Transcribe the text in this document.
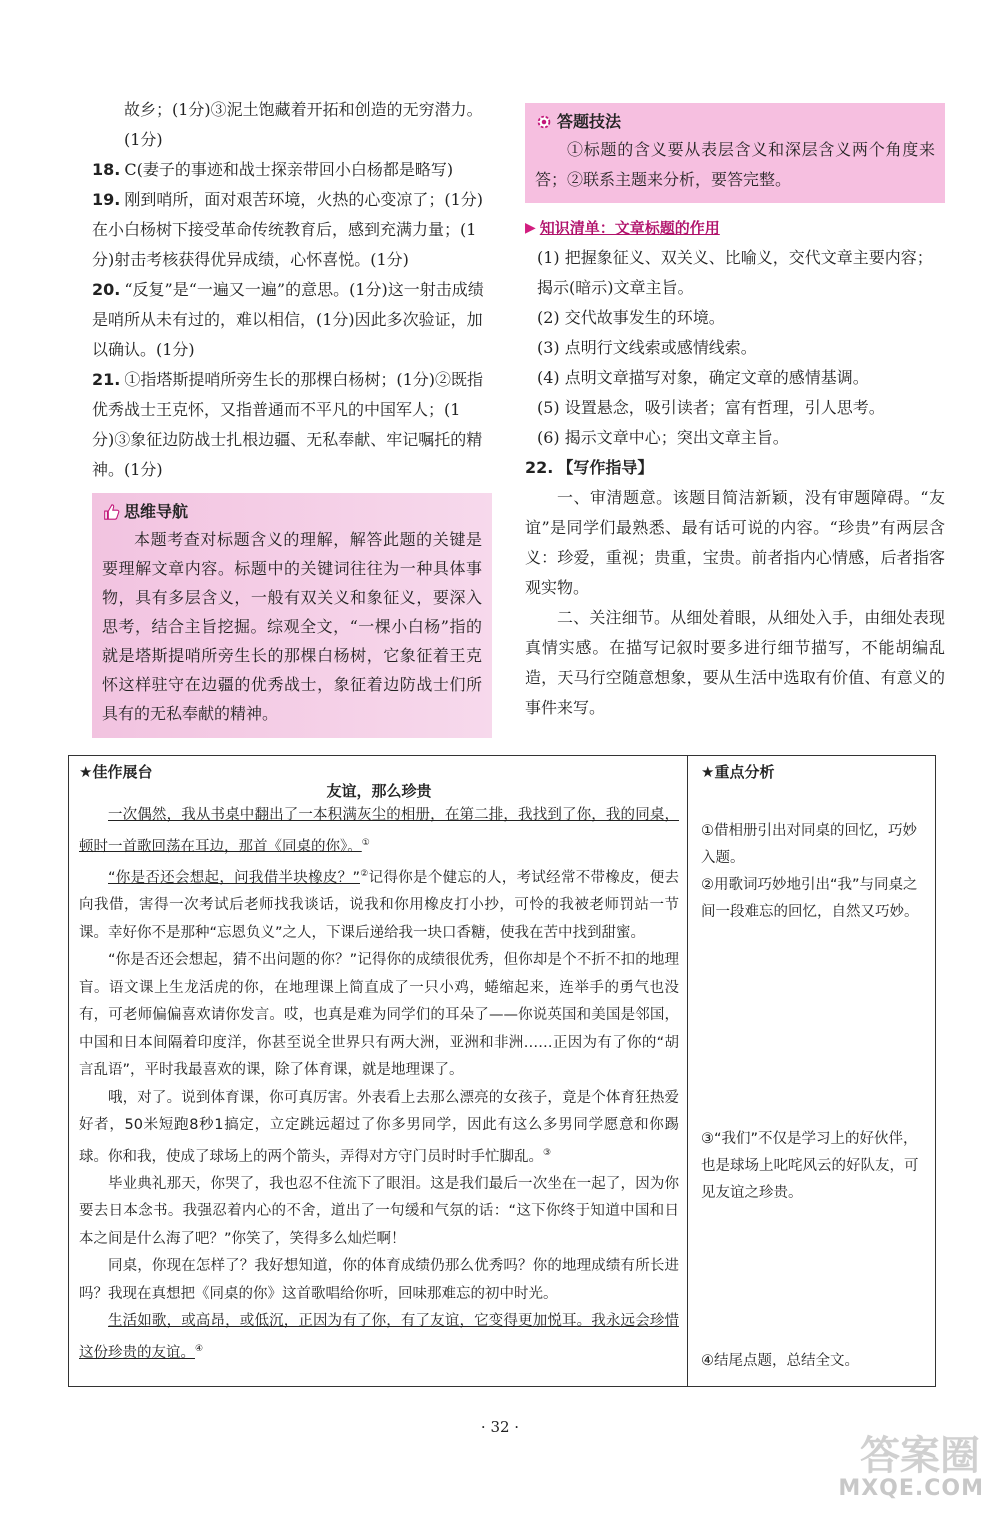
故乡；(1分)③泥土饱藏着开拓和创造的无穷潜力。

(1分)

18. C(妻子的事迹和战士探亲带回小白杨都是略写)

19. 刚到哨所，面对艰苦环境，火热的心变凉了；(1分)在小白杨树下接受革命传统教育后，感到充满力量；(1分)射击考核获得优异成绩，心怀喜悦。(1分)

20. “反复”是“一遍又一遍”的意思。(1分)这一射击成绩是哨所从未有过的，难以相信，(1分)因此多次验证，加以确认。(1分)

21. ①指塔斯提哨所旁生长的那棵白杨树；(1分)②既指优秀战士王克怀，又指普通而不平凡的中国军人；(1分)③象征边防战士扎根边疆、无私奉献、牢记嘱托的精神。(1分)

思维导航

本题考查对标题含义的理解，解答此题的关键是要理解文章内容。标题中的关键词往往为一种具体事物，具有多层含义，一般有双关义和象征义，要深入思考，结合主旨挖掘。综观全文，“一棵小白杨”指的就是塔斯提哨所旁生长的那棵白杨树，它象征着王克怀这样驻守在边疆的优秀战士，象征着边防战士们所具有的无私奉献的精神。

答题技法

①标题的含义要从表层含义和深层含义两个角度来答；②联系主题来分析，要答完整。

▶ 知识清单：文章标题的作用

(1) 把握象征义、双关义、比喻义，交代文章主要内容；揭示(暗示)文章主旨。

(2) 交代故事发生的环境。

(3) 点明行文线索或感情线索。

(4) 点明文章描写对象，确定文章的感情基调。

(5) 设置悬念，吸引读者；富有哲理，引人思考。

(6) 揭示文章中心；突出文章主旨。

22. 【写作指导】

一、审清题意。该题目简洁新颖，没有审题障碍。“友谊”是同学们最熟悉、最有话可说的内容。“珍贵”有两层含义：珍爱，重视；贵重，宝贵。前者指内心情感，后者指客观实物。

二、关注细节。从细处着眼，从细处入手，由细处表现真情实感。在描写记叙时要多进行细节描写，不能胡编乱造，天马行空随意想象，要从生活中选取有价值、有意义的事件来写。

★佳作展台
友谊，那么珍贵

一次偶然，我从书桌中翻出了一本积满灰尘的相册，在第二排，我找到了你，我的同桌，顿时一首歌回荡在耳边，那首《同桌的你》。①

“你是否还会想起，问我借半块橡皮？”②记得你是个健忘的人，考试经常不带橡皮，便去向我借，害得一次考试后老师找我谈话，说我和你用橡皮打小抄，可怜的我被老师罚站一节课。幸好你不是那种“忘恩负义”之人，下课后递给我一块口香糖，使我在苦中找到甜蜜。

“你是否还会想起，猜不出问题的你？”记得你的成绩很优秀，但你却是个不折不扣的地理盲。语文课上生龙活虎的你，在地理课上简直成了一只小鸡，蜷缩起来，连举手的勇气也没有，可老师偏偏喜欢请你发言。哎，也真是难为同学们的耳朵了——你说英国和美国是邻国，中国和日本间隔着印度洋，你甚至说全世界只有两大洲，亚洲和非洲……正因为有了你的“胡言乱语”，平时我最喜欢的课，除了体育课，就是地理课了。

哦，对了。说到体育课，你可真厉害。外表看上去那么漂亮的女孩子，竟是个体育狂热爱好者，50米短跑8秒1搞定，立定跳远超过了你多男同学，因此有这么多男同学愿意和你踢球。你和我，使成了球场上的两个箭头，弄得对方守门员时时手忙脚乱。③

毕业典礼那天，你哭了，我也忍不住流下了眼泪。这是我们最后一次坐在一起了，因为你要去日本念书。我强忍着内心的不舍，道出了一句缓和气氛的话：“这下你终于知道中国和日本之间是什么海了吧？”你笑了，笑得多么灿烂啊！

同桌，你现在怎样了？我好想知道，你的体育成绩仍那么优秀吗？你的地理成绩有所长进吗？我现在真想把《同桌的你》这首歌唱给你听，回味那难忘的初中时光。

生活如歌，或高昂，或低沉，正因为有了你，有了友谊，它变得更加悦耳。我永远会珍惜这份珍贵的友谊。④

★重点分析
①借相册引出对同桌的回忆，巧妙入题。
②用歌词巧妙地引出“我”与同桌之间一段难忘的回忆，自然又巧妙。
③“我们”不仅是学习上的好伙伴，也是球场上叱咤风云的好队友，可见友谊之珍贵。
④结尾点题，总结全文。
· 32 ·
答案圈
MXQE.COM
